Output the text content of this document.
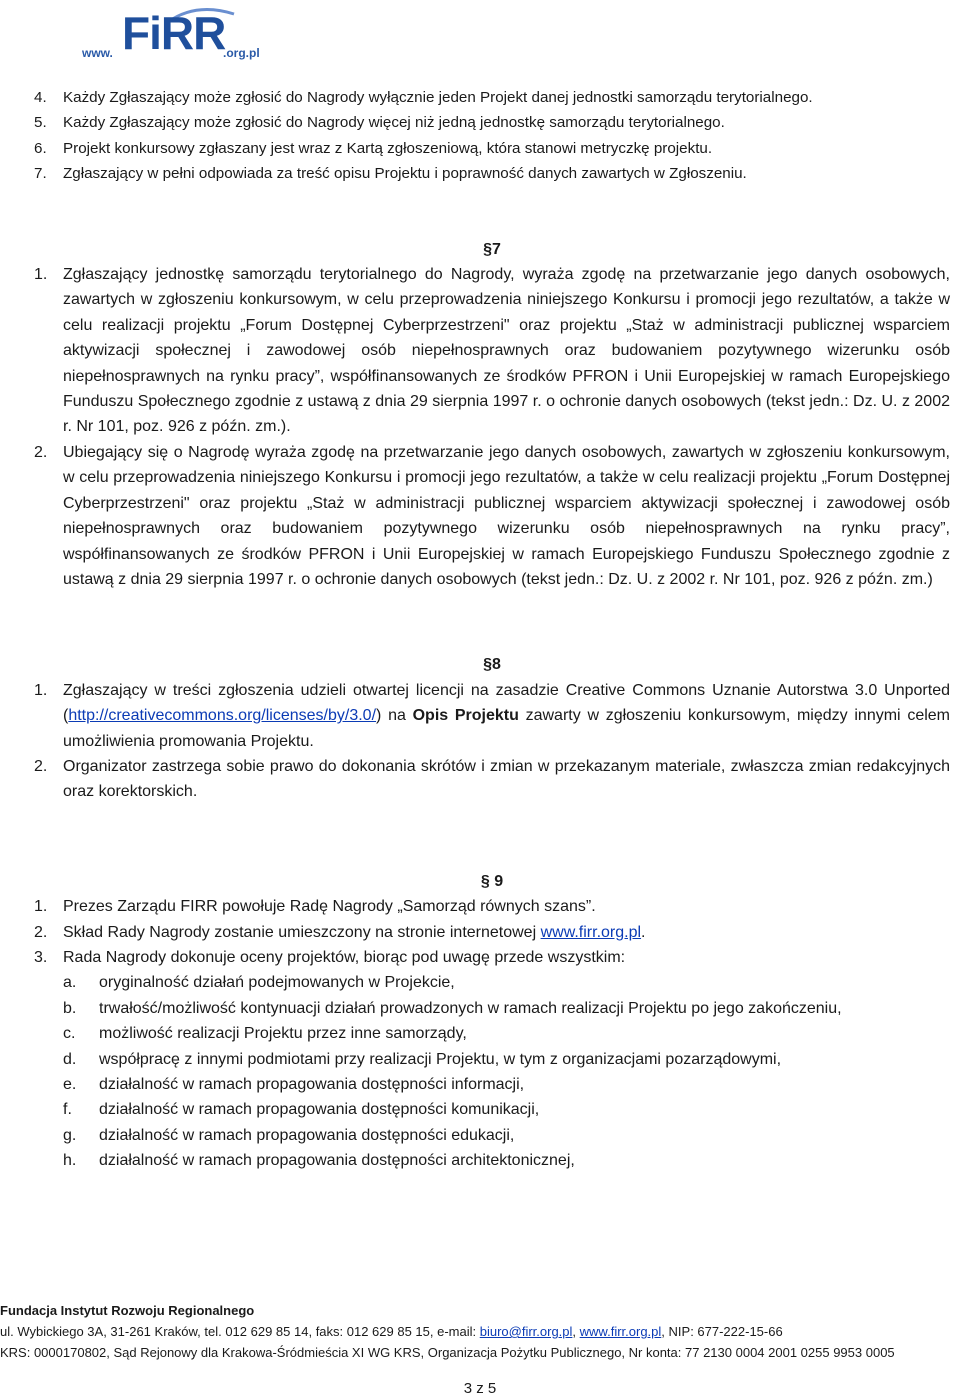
www. FiRR
.org.pl
4. Każdy Zgłaszający może zgłosić do Nagrody wyłącznie jeden Projekt danej jednostki samorządu terytorialnego.
5. Każdy Zgłaszający może zgłosić do Nagrody więcej niż jedną jednostkę samorządu terytorialnego.
6. Projekt konkursowy zgłaszany jest wraz z Kartą zgłoszeniową, która stanowi metryczkę projektu.
7. Zgłaszający w pełni odpowiada za treść opisu Projektu i poprawność danych zawartych w Zgłoszeniu.
§7
1. Zgłaszający jednostkę samorządu terytorialnego do Nagrody, wyraża zgodę na przetwarzanie jego danych osobowych, zawartych w zgłoszeniu konkursowym, w celu przeprowadzenia niniejszego Konkursu i promocji jego rezultatów, a także w celu realizacji projektu „Forum Dostępnej Cyberprzestrzeni" oraz projektu „Staż w administracji publicznej wsparciem aktywizacji społecznej i zawodowej osób niepełnosprawnych oraz budowaniem pozytywnego wizerunku osób niepełnosprawnych na rynku pracy”, współfinansowanych ze środków PFRON i Unii Europejskiej w ramach Europejskiego Funduszu Społecznego zgodnie z ustawą z dnia 29 sierpnia 1997 r. o ochronie danych osobowych (tekst jedn.: Dz. U. z 2002 r. Nr 101, poz. 926 z późn. zm.).
2. Ubiegający się o Nagrodę wyraża zgodę na przetwarzanie jego danych osobowych, zawartych w zgłoszeniu konkursowym, w celu przeprowadzenia niniejszego Konkursu i promocji jego rezultatów, a także w celu realizacji projektu „Forum Dostępnej Cyberprzestrzeni" oraz projektu „Staż w administracji publicznej wsparciem aktywizacji społecznej i zawodowej osób niepełnosprawnych oraz budowaniem pozytywnego wizerunku osób niepełnosprawnych na rynku pracy”, współfinansowanych ze środków PFRON i Unii Europejskiej w ramach Europejskiego Funduszu Społecznego zgodnie z ustawą z dnia 29 sierpnia 1997 r. o ochronie danych osobowych (tekst jedn.: Dz. U. z 2002 r. Nr 101, poz. 926 z późn. zm.)
§8
1. Zgłaszający w treści zgłoszenia udzieli otwartej licencji na zasadzie Creative Commons Uznanie Autorstwa 3.0 Unported (http://creativecommons.org/licenses/by/3.0/) na Opis Projektu zawarty w zgłoszeniu konkursowym, między innymi celem umożliwienia promowania Projektu.
2. Organizator zastrzega sobie prawo do dokonania skrótów i zmian w przekazanym materiale, zwłaszcza zmian redakcyjnych oraz korektorskich.
§ 9
1. Prezes Zarządu FIRR powołuje Radę Nagrody „Samorząd równych szans”.
2. Skład Rady Nagrody zostanie umieszczony na stronie internetowej www.firr.org.pl.
3. Rada Nagrody dokonuje oceny projektów, biorąc pod uwagę przede wszystkim:
a. oryginalność działań podejmowanych w Projekcie,
b. trwałość/możliwość kontynuacji działań prowadzonych w ramach realizacji Projektu po jego zakończeniu,
c. możliwość realizacji Projektu przez inne samorządy,
d. współpracę z innymi podmiotami przy realizacji Projektu, w tym z organizacjami pozarządowymi,
e. działalność w ramach propagowania dostępności informacji,
f. działalność w ramach propagowania dostępności komunikacji,
g. działalność w ramach propagowania dostępności edukacji,
h. działalność w ramach propagowania dostępności architektonicznej,
Fundacja Instytut Rozwoju Regionalnego
ul. Wybickiego 3A, 31-261 Kraków, tel. 012 629 85 14, faks: 012 629 85 15, e-mail: biuro@firr.org.pl, www.firr.org.pl, NIP: 677-222-15-66
KRS: 0000170802, Sąd Rejonowy dla Krakowa-Śródmieścia XI WG KRS, Organizacja Pożytku Publicznego, Nr konta: 77 2130 0004 2001 0255 9953 0005
3 z 5
